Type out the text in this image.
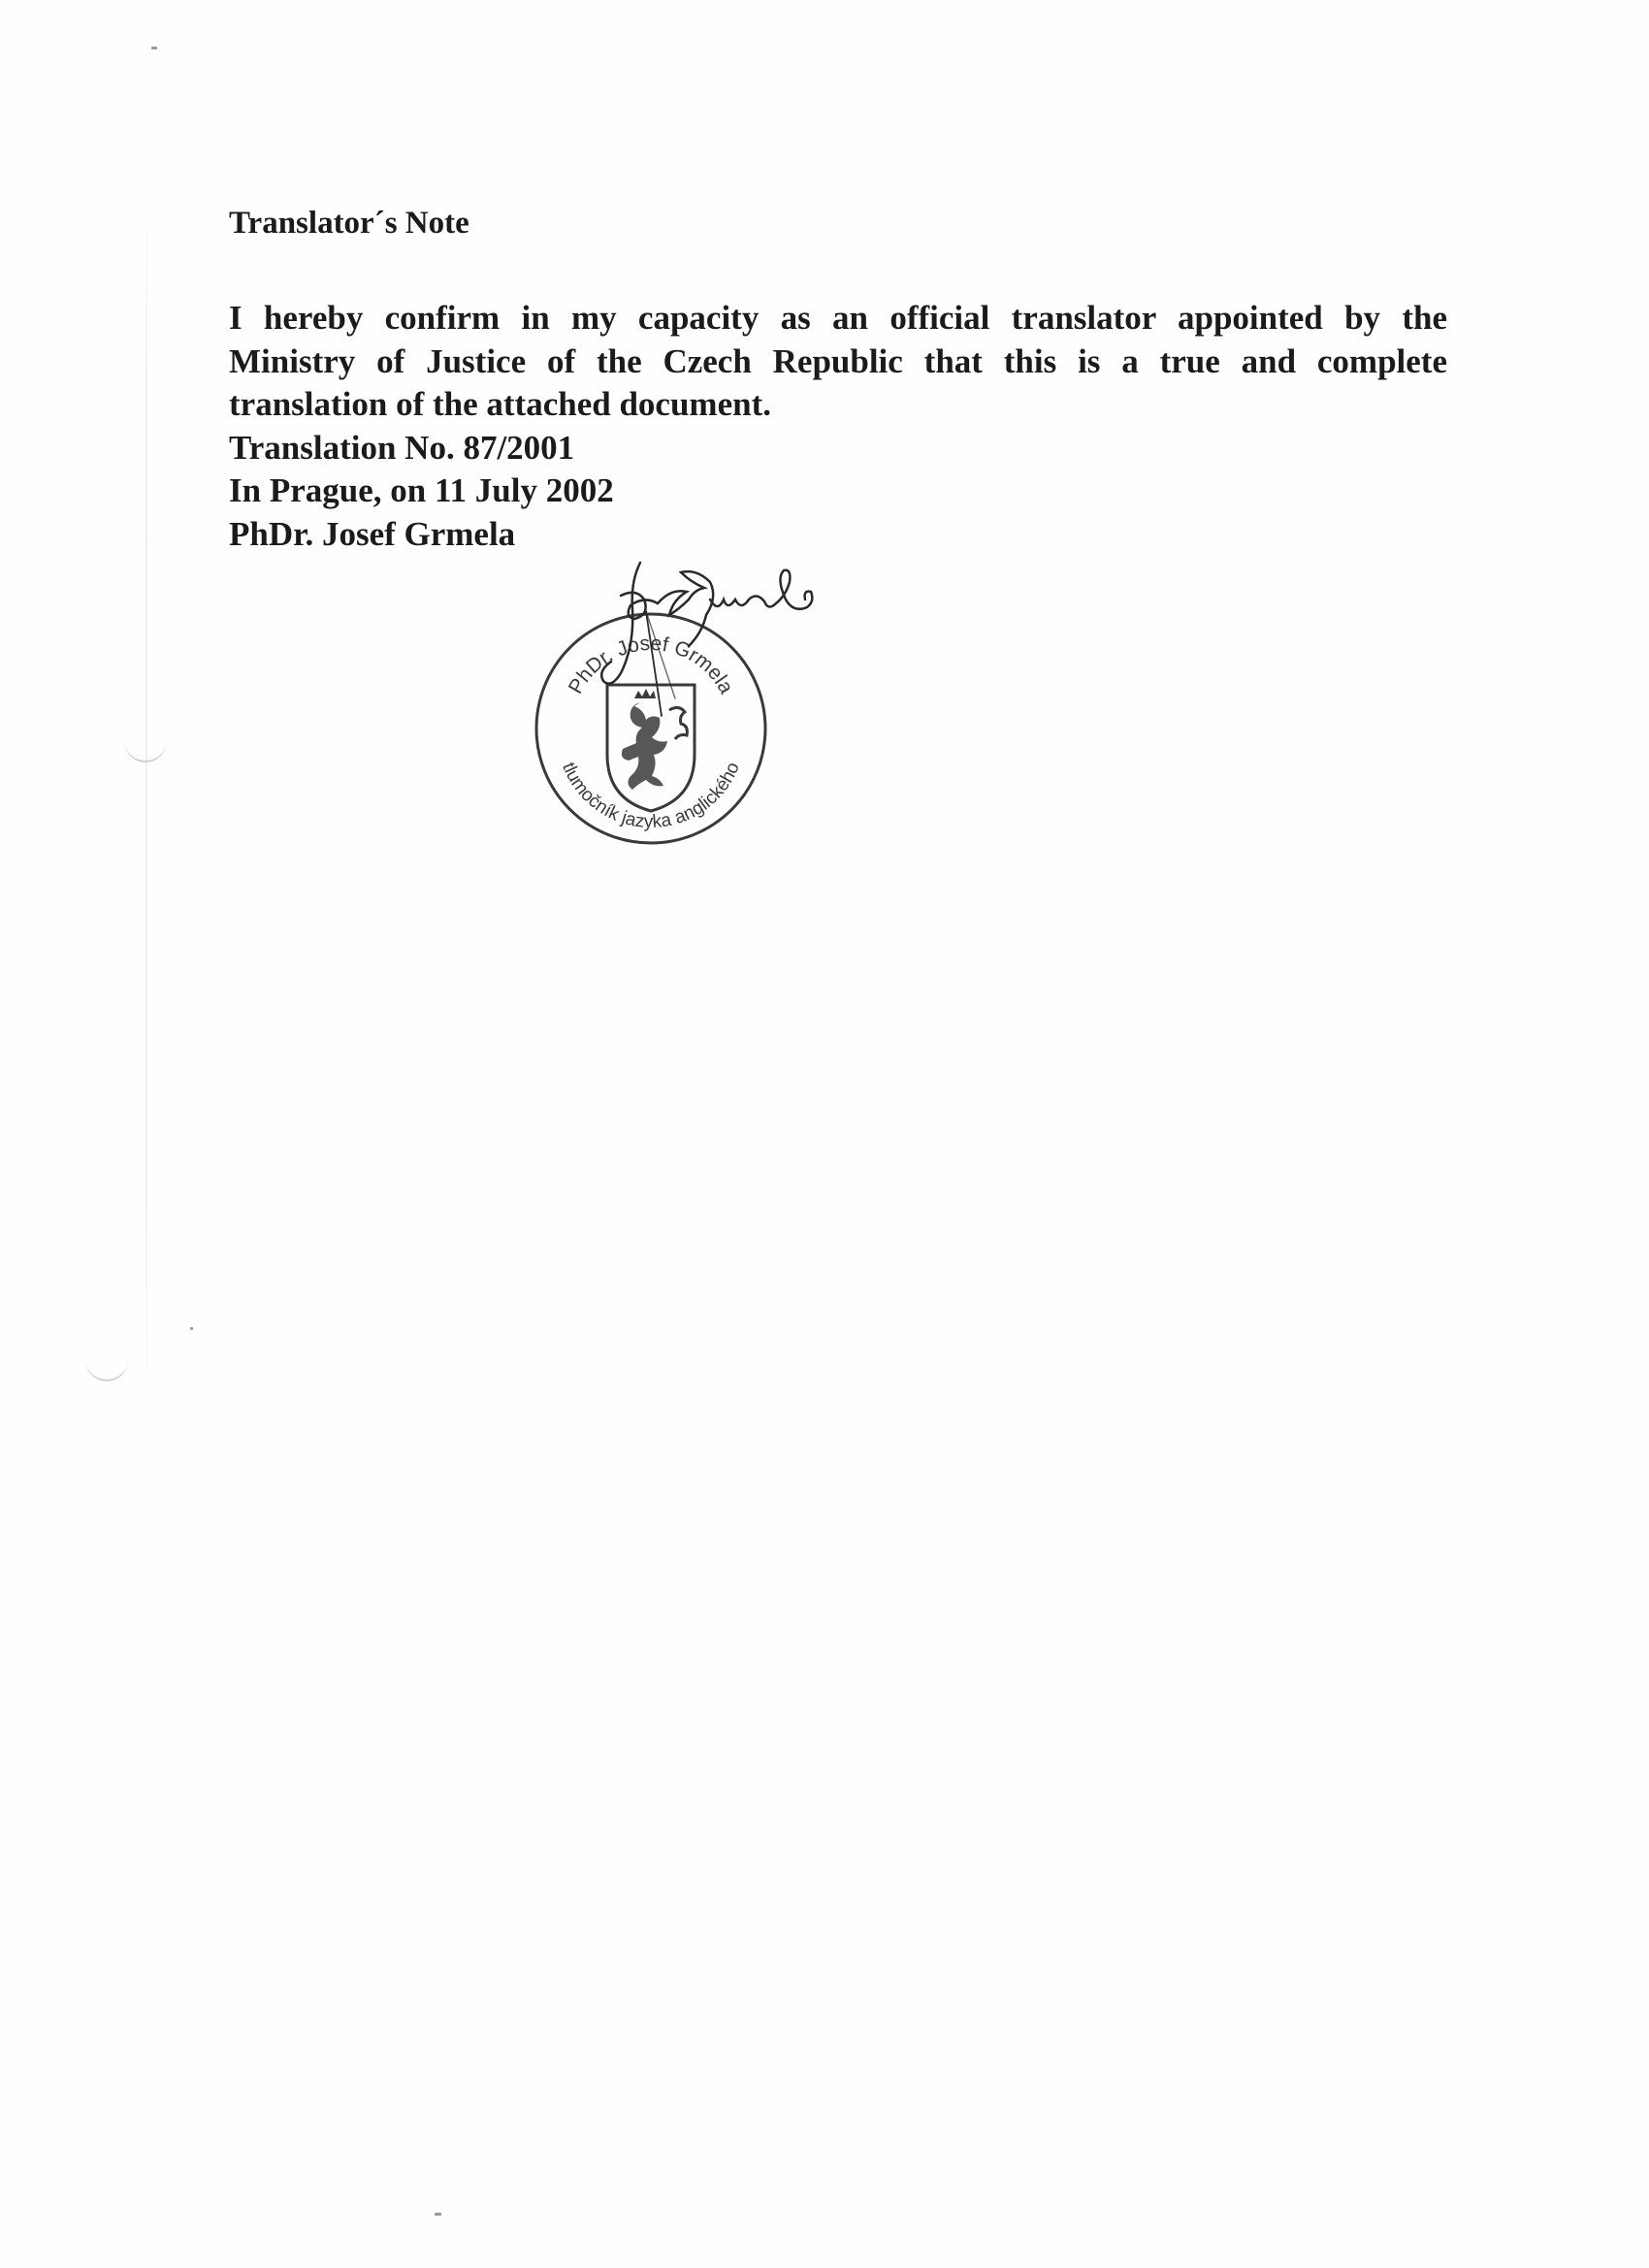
Translator´s Note
I hereby confirm in my capacity as an official translator appointed by the
Ministry of Justice of the Czech Republic that this is a true and complete
translation of the attached document.
Translation No. 87/2001
In Prague, on 11 July 2002
PhDr. Josef Grmela
PhDr. Josef Grmela
tlumočník jazyka anglického
